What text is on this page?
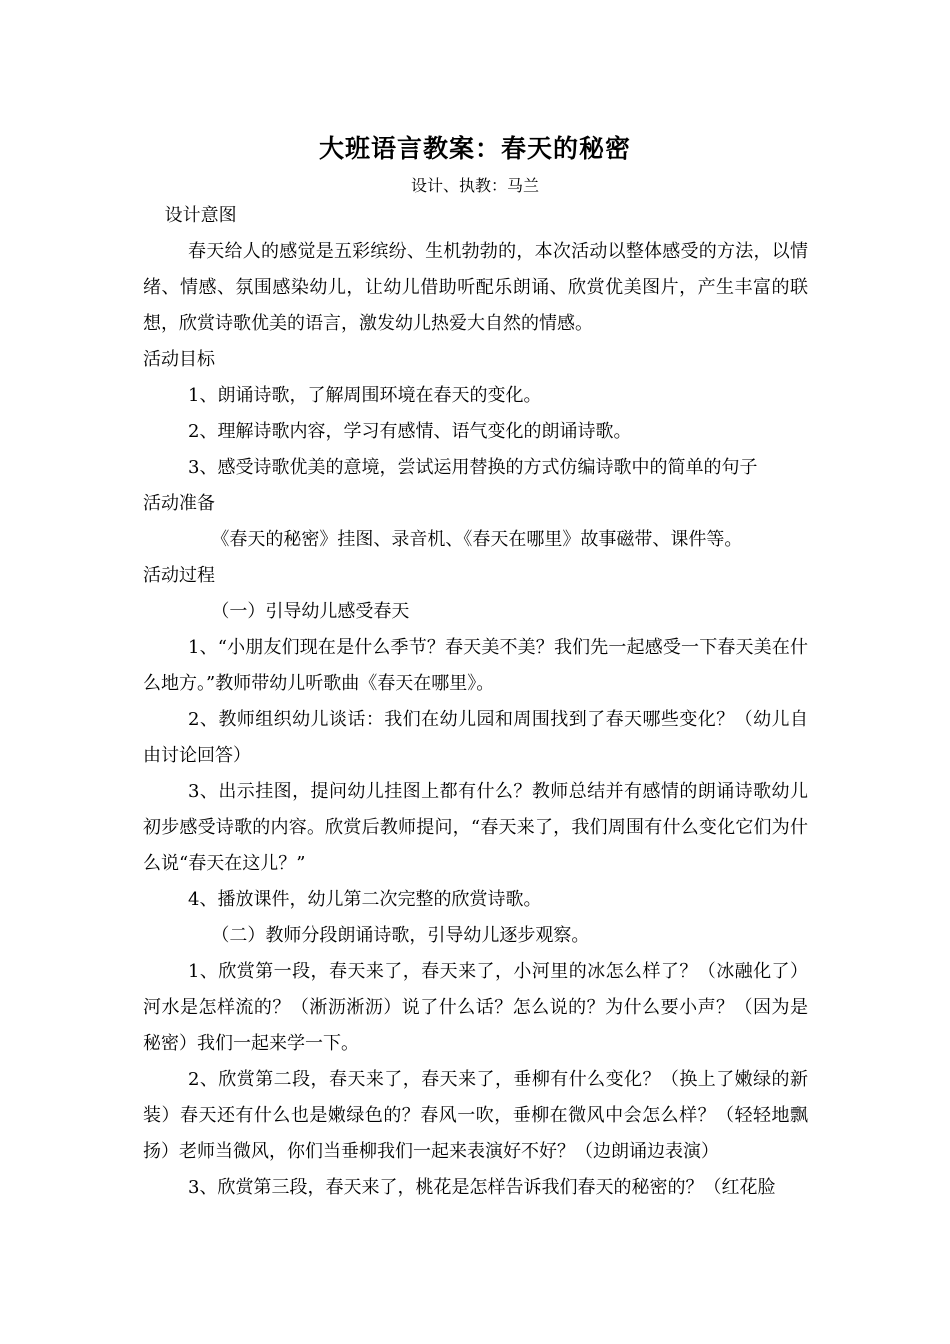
大班语言教案：春天的秘密
设计、执教：马兰

设计意图

春天给人的感觉是五彩缤纷、生机勃勃的，本次活动以整体感受的方法，以情绪、情感、氛围感染幼儿，让幼儿借助听配乐朗诵、欣赏优美图片，产生丰富的联想，欣赏诗歌优美的语言，激发幼儿热爱大自然的情感。

活动目标

1、朗诵诗歌，了解周围环境在春天的变化。

2、理解诗歌内容，学习有感情、语气变化的朗诵诗歌。

3、感受诗歌优美的意境，尝试运用替换的方式仿编诗歌中的简单的句子

活动准备

《春天的秘密》挂图、录音机、《春天在哪里》故事磁带、课件等。

活动过程

（一）引导幼儿感受春天

1、“小朋友们现在是什么季节？春天美不美？我们先一起感受一下春天美在什么地方。”教师带幼儿听歌曲《春天在哪里》。

2、教师组织幼儿谈话：我们在幼儿园和周围找到了春天哪些变化？（幼儿自由讨论回答）

3、出示挂图，提问幼儿挂图上都有什么？教师总结并有感情的朗诵诗歌幼儿初步感受诗歌的内容。欣赏后教师提问，“春天来了，我们周围有什么变化它们为什么说“春天在这儿？”

4、播放课件，幼儿第二次完整的欣赏诗歌。

（二）教师分段朗诵诗歌，引导幼儿逐步观察。

1、欣赏第一段，春天来了，春天来了，小河里的冰怎么样了？（冰融化了）河水是怎样流的？（淅沥淅沥）说了什么话？怎么说的？为什么要小声？（因为是秘密）我们一起来学一下。

2、欣赏第二段，春天来了，春天来了，垂柳有什么变化？（换上了嫩绿的新装）春天还有什么也是嫩绿色的？春风一吹，垂柳在微风中会怎么样？（轻轻地飘扬）老师当微风，你们当垂柳我们一起来表演好不好？（边朗诵边表演）

3、欣赏第三段，春天来了，桃花是怎样告诉我们春天的秘密的？（红花脸
